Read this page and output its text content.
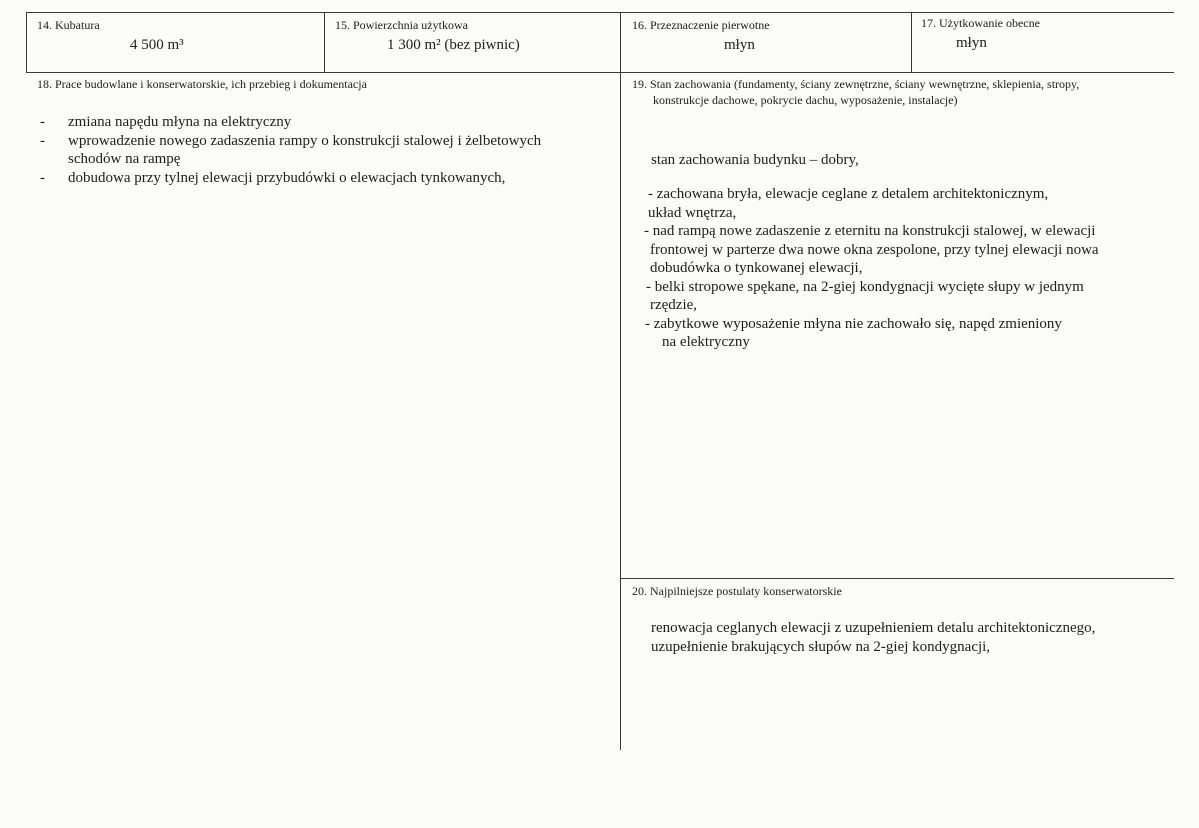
14. Kubatura
4 500 m³
15. Powierzchnia użytkowa
1 300 m² (bez piwnic)
16. Przeznaczenie pierwotne
młyn
17. Użytkowanie obecne
młyn
18. Prace budowlane i konserwatorskie, ich przebieg i dokumentacja
- zmiana napędu młyna na elektryczny
- wprowadzenie nowego zadaszenia rampy o konstrukcji stalowej i żelbetowych
schodów na rampę
- dobudowa przy tylnej elewacji przybudówki o elewacjach tynkowanych,
19. Stan zachowania (fundamenty, ściany zewnętrzne, ściany wewnętrzne, sklepienia, stropy,
konstrukcje dachowe, pokrycie dachu, wyposażenie, instalacje)
stan zachowania budynku – dobry,
- zachowana bryła, elewacje ceglane z detalem architektonicznym,
układ wnętrza,
- nad rampą nowe zadaszenie z eternitu na konstrukcji stalowej, w elewacji
frontowej w parterze dwa nowe okna zespolone, przy tylnej elewacji nowa
dobudówka o tynkowanej elewacji,
- belki stropowe spękane, na 2-giej kondygnacji wycięte słupy w jednym
rzędzie,
- zabytkowe wyposażenie młyna nie zachowało się, napęd zmieniony
na elektryczny
20. Najpilniejsze postulaty konserwatorskie
renowacja ceglanych elewacji z uzupełnieniem detalu architektonicznego,
uzupełnienie brakujących słupów na 2-giej kondygnacji,
